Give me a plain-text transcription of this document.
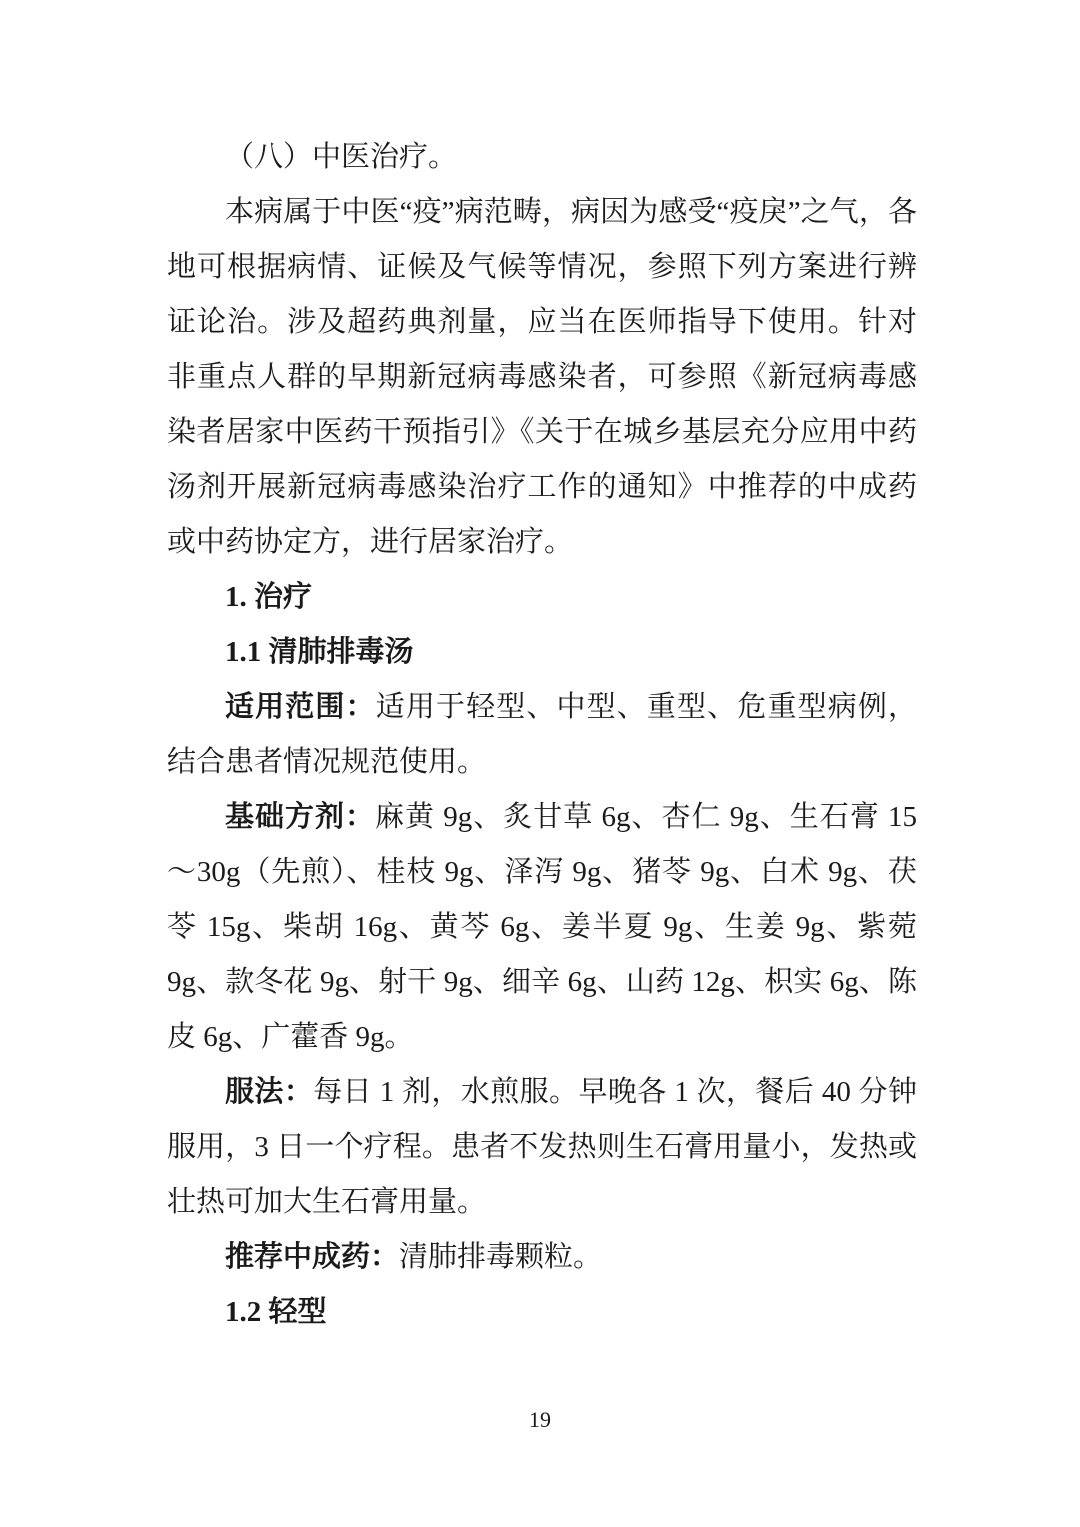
（八）中医治疗。

本病属于中医“疫”病范畴，病因为感受“疫戾”之气，各地可根据病情、证候及气候等情况，参照下列方案进行辨证论治。涉及超药典剂量，应当在医师指导下使用。针对非重点人群的早期新冠病毒感染者，可参照《新冠病毒感染者居家中医药干预指引》《关于在城乡基层充分应用中药汤剂开展新冠病毒感染治疗工作的通知》中推荐的中成药或中药协定方，进行居家治疗。

1. 治疗

1.1 清肺排毒汤

适用范围：适用于轻型、中型、重型、危重型病例，结合患者情况规范使用。

基础方剂：麻黄 9g、炙甘草 6g、杏仁 9g、生石膏 15～30g（先煎）、桂枝 9g、泽泻 9g、猪苓 9g、白术 9g、茯苓 15g、柴胡 16g、黄芩 6g、姜半夏 9g、生姜 9g、紫菀 9g、款冬花 9g、射干 9g、细辛 6g、山药 12g、枳实 6g、陈皮 6g、广藿香 9g。

服法：每日 1 剂，水煎服。早晚各 1 次，餐后 40 分钟服用，3 日一个疗程。患者不发热则生石膏用量小，发热或壮热可加大生石膏用量。

推荐中成药：清肺排毒颗粒。

1.2 轻型

19
